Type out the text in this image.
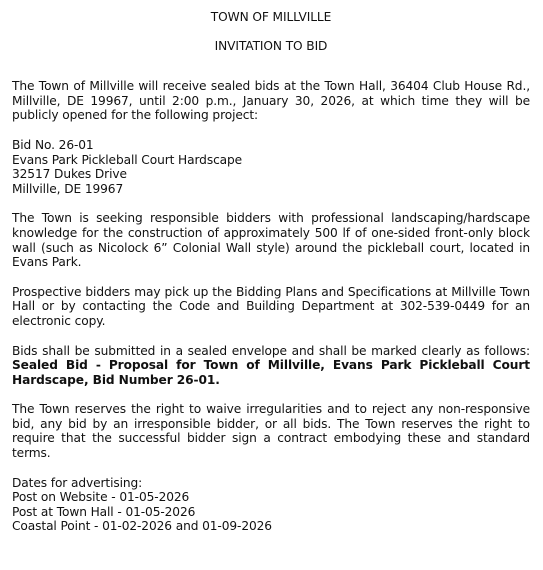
TOWN OF MILLVILLE

INVITATION TO BID

The Town of Millville will receive sealed bids at the Town Hall, 36404 Club House Rd., Millville, DE 19967, until 2:00 p.m., January 30, 2026, at which time they will be publicly opened for the following project:

Bid No. 26-01
Evans Park Pickleball Court Hardscape
32517 Dukes Drive
Millville, DE 19967

The Town is seeking responsible bidders with professional landscaping/hardscape knowledge for the construction of approximately 500 lf of one-sided front-only block wall (such as Nicolock 6” Colonial Wall style) around the pickleball court, located in Evans Park.

Prospective bidders may pick up the Bidding Plans and Specifications at Millville Town Hall or by contacting the Code and Building Department at 302-539-0449 for an electronic copy.

Bids shall be submitted in a sealed envelope and shall be marked clearly as follows: Sealed Bid - Proposal for Town of Millville, Evans Park Pickleball Court Hardscape, Bid Number 26-01.

The Town reserves the right to waive irregularities and to reject any non-responsive bid, any bid by an irresponsible bidder, or all bids. The Town reserves the right to require that the successful bidder sign a contract embodying these and standard terms.

Dates for advertising:
Post on Website - 01-05-2026
Post at Town Hall - 01-05-2026
Coastal Point - 01-02-2026 and 01-09-2026
